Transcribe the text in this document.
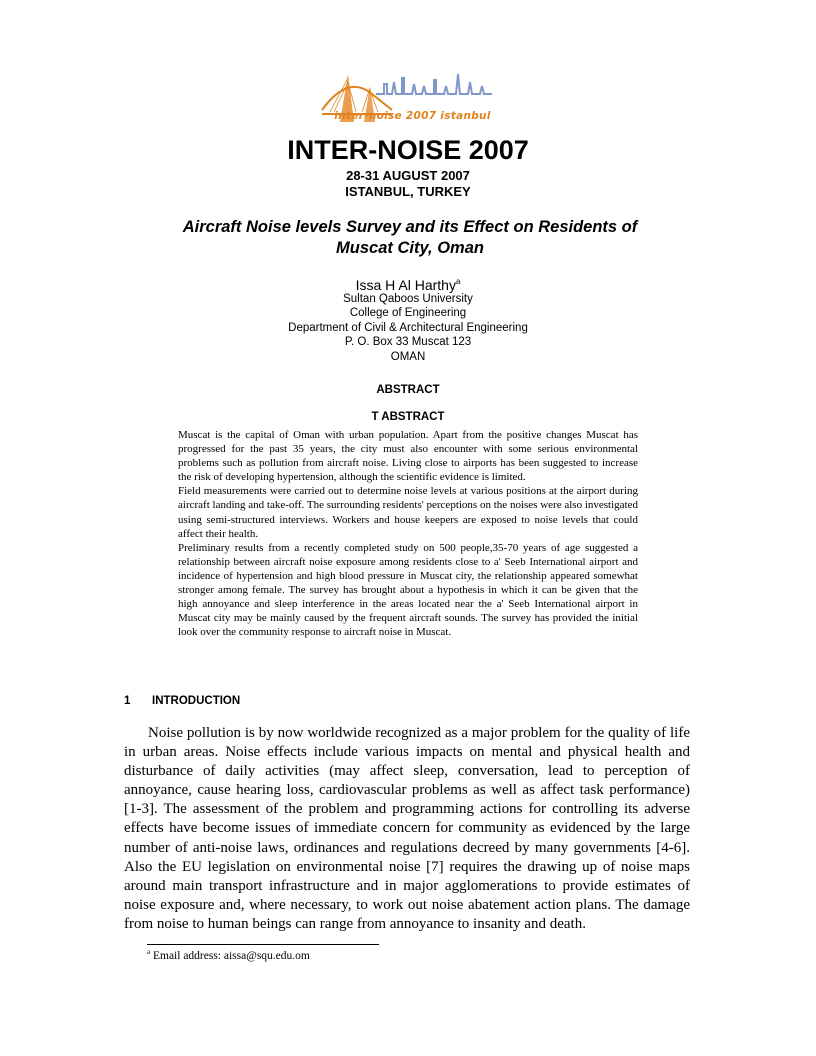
inter-noise 2007 istanbul
INTER-NOISE 2007
28-31 AUGUST 2007
ISTANBUL, TURKEY
Aircraft Noise levels Survey and its Effect on Residents of Muscat City, Oman
Issa H Al Harthy$^a$
Sultan Qaboos University
College of Engineering
Department of Civil & Architectural Engineering
P. O. Box 33 Muscat 123
OMAN
ABSTRACT
T ABSTRACT

Muscat is the capital of Oman with urban population. Apart from the positive changes Muscat has progressed for the past 35 years, the city must also encounter with some serious environmental problems such as pollution from aircraft noise. Living close to airports has been suggested to increase the risk of developing hypertension, although the scientific evidence is limited.

Field measurements were carried out to determine noise levels at various positions at the airport during aircraft landing and take-off. The surrounding residents' perceptions on the noises were also investigated using semi-structured interviews. Workers and house keepers are exposed to noise levels that could affect their health.

Preliminary results from a recently completed study on 500 people,35-70 years of age suggested a relationship between aircraft noise exposure among residents close to a' Seeb International airport and incidence of hypertension and high blood pressure in Muscat city, the relationship appeared somewhat stronger among female. The survey has brought about a hypothesis in which it can be given that the high annoyance and sleep interference in the areas located near the a' Seeb International airport in Muscat city may be mainly caused by the frequent aircraft sounds. The survey has provided the initial look over the community response to aircraft noise in Muscat.

1 INTRODUCTION

Noise pollution is by now worldwide recognized as a major problem for the quality of life in urban areas. Noise effects include various impacts on mental and physical health and disturbance of daily activities (may affect sleep, conversation, lead to perception of annoyance, cause hearing loss, cardiovascular problems as well as affect task performance) [1-3]. The assessment of the problem and programming actions for controlling its adverse effects have become issues of immediate concern for community as evidenced by the large number of anti-noise laws, ordinances and regulations decreed by many governments [4-6]. Also the EU legislation on environmental noise [7] requires the drawing up of noise maps around main transport infrastructure and in major agglomerations to provide estimates of noise exposure and, where necessary, to work out noise abatement action plans. The damage from noise to human beings can range from annoyance to insanity and death.

$^a$ Email address: aissa@squ.edu.om
